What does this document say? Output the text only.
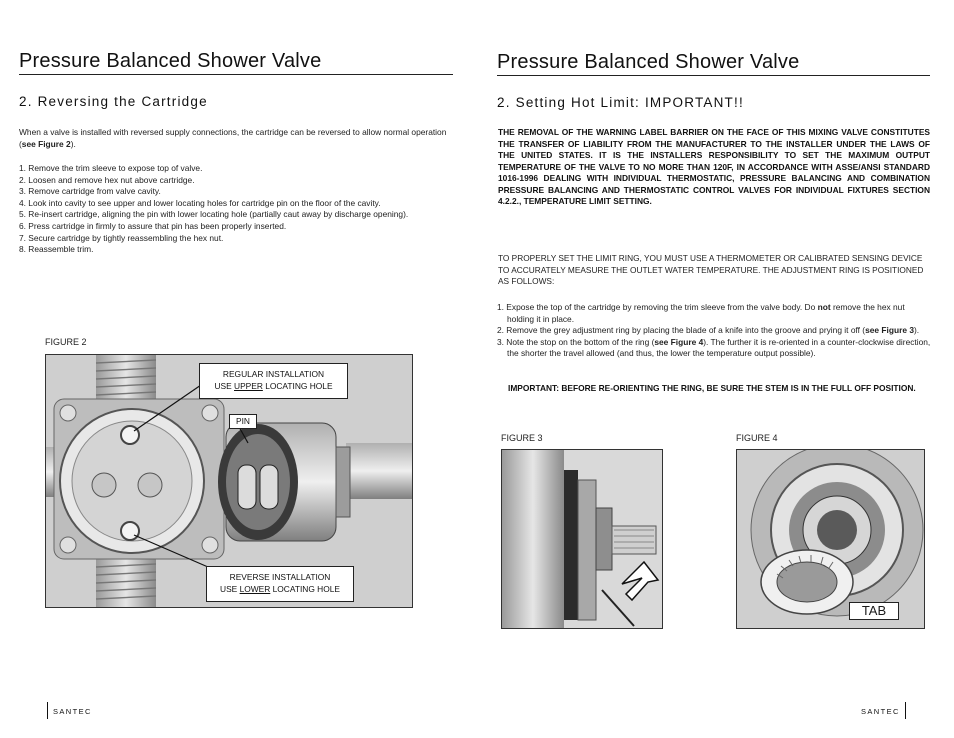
Pressure Balanced Shower Valve
2. Reversing the Cartridge
When a valve is installed with reversed supply connections, the cartridge can be reversed to allow normal operation (see Figure 2).
1. Remove the trim sleeve to expose top of valve.
2. Loosen and remove hex nut above cartridge.
3. Remove cartridge from valve cavity.
4. Look into cavity to see upper and lower locating holes for cartridge pin on the floor of the cavity.
5. Re-insert cartridge, aligning the pin with lower locating hole (partially caut away by discharge opening).
6. Press cartridge in firmly to assure that pin has been properly inserted.
7. Secure cartridge by tightly reassembling the hex nut.
8. Reassemble trim.
FIGURE 2
REGULAR INSTALLATION
USE UPPER LOCATING HOLE
PIN
REVERSE INSTALLATION
USE LOWER LOCATING HOLE
SANTEC
Pressure Balanced Shower Valve
2. Setting Hot Limit: IMPORTANT!!
THE REMOVAL OF THE WARNING LABEL BARRIER ON THE FACE OF THIS MIXING VALVE CONSTITUTES THE TRANSFER OF LIABILITY FROM THE MANUFACTURER TO THE INSTALLER UNDER THE LAWS OF THE UNITED STATES. IT IS THE INSTALLERS RESPONSIBILITY TO SET THE MAXIMUM OUTPUT TEMPERATURE OF THE VALVE TO NO MORE THAN 120F, IN ACCORDANCE WITH ASSE/ANSI STANDARD 1016-1996 DEALING WITH INDIVIDUAL THERMOSTATIC, PRESSURE BALANCING AND COMBINATION PRESSURE BALANCING AND THERMOSTATIC CONTROL VALVES FOR INDIVIDUAL FIXTURES SECTION 4.2.2., TEMPERATURE LIMIT SETTING.
TO PROPERLY SET THE LIMIT RING, YOU MUST USE A THERMOMETER OR CALIBRATED SENSING DEVICE TO ACCURATELY MEASURE THE OUTLET WATER TEMPERATURE. THE ADJUSTMENT RING IS POSITIONED AS FOLLOWS:
1. Expose the top of the cartridge by removing the trim sleeve from the valve body. Do not remove the hex nut holding it in place.
2. Remove the grey adjustment ring by placing the blade of a knife into the groove and prying it off (see Figure 3).
3. Note the stop on the bottom of the ring (see Figure 4). The further it is re-oriented in a counter-clockwise direction, the shorter the travel allowed (and thus, the lower the temperature output possible).
IMPORTANT: BEFORE RE-ORIENTING THE RING, BE SURE THE STEM IS IN THE FULL OFF POSITION.
FIGURE 3	FIGURE 4
TAB
SANTEC
